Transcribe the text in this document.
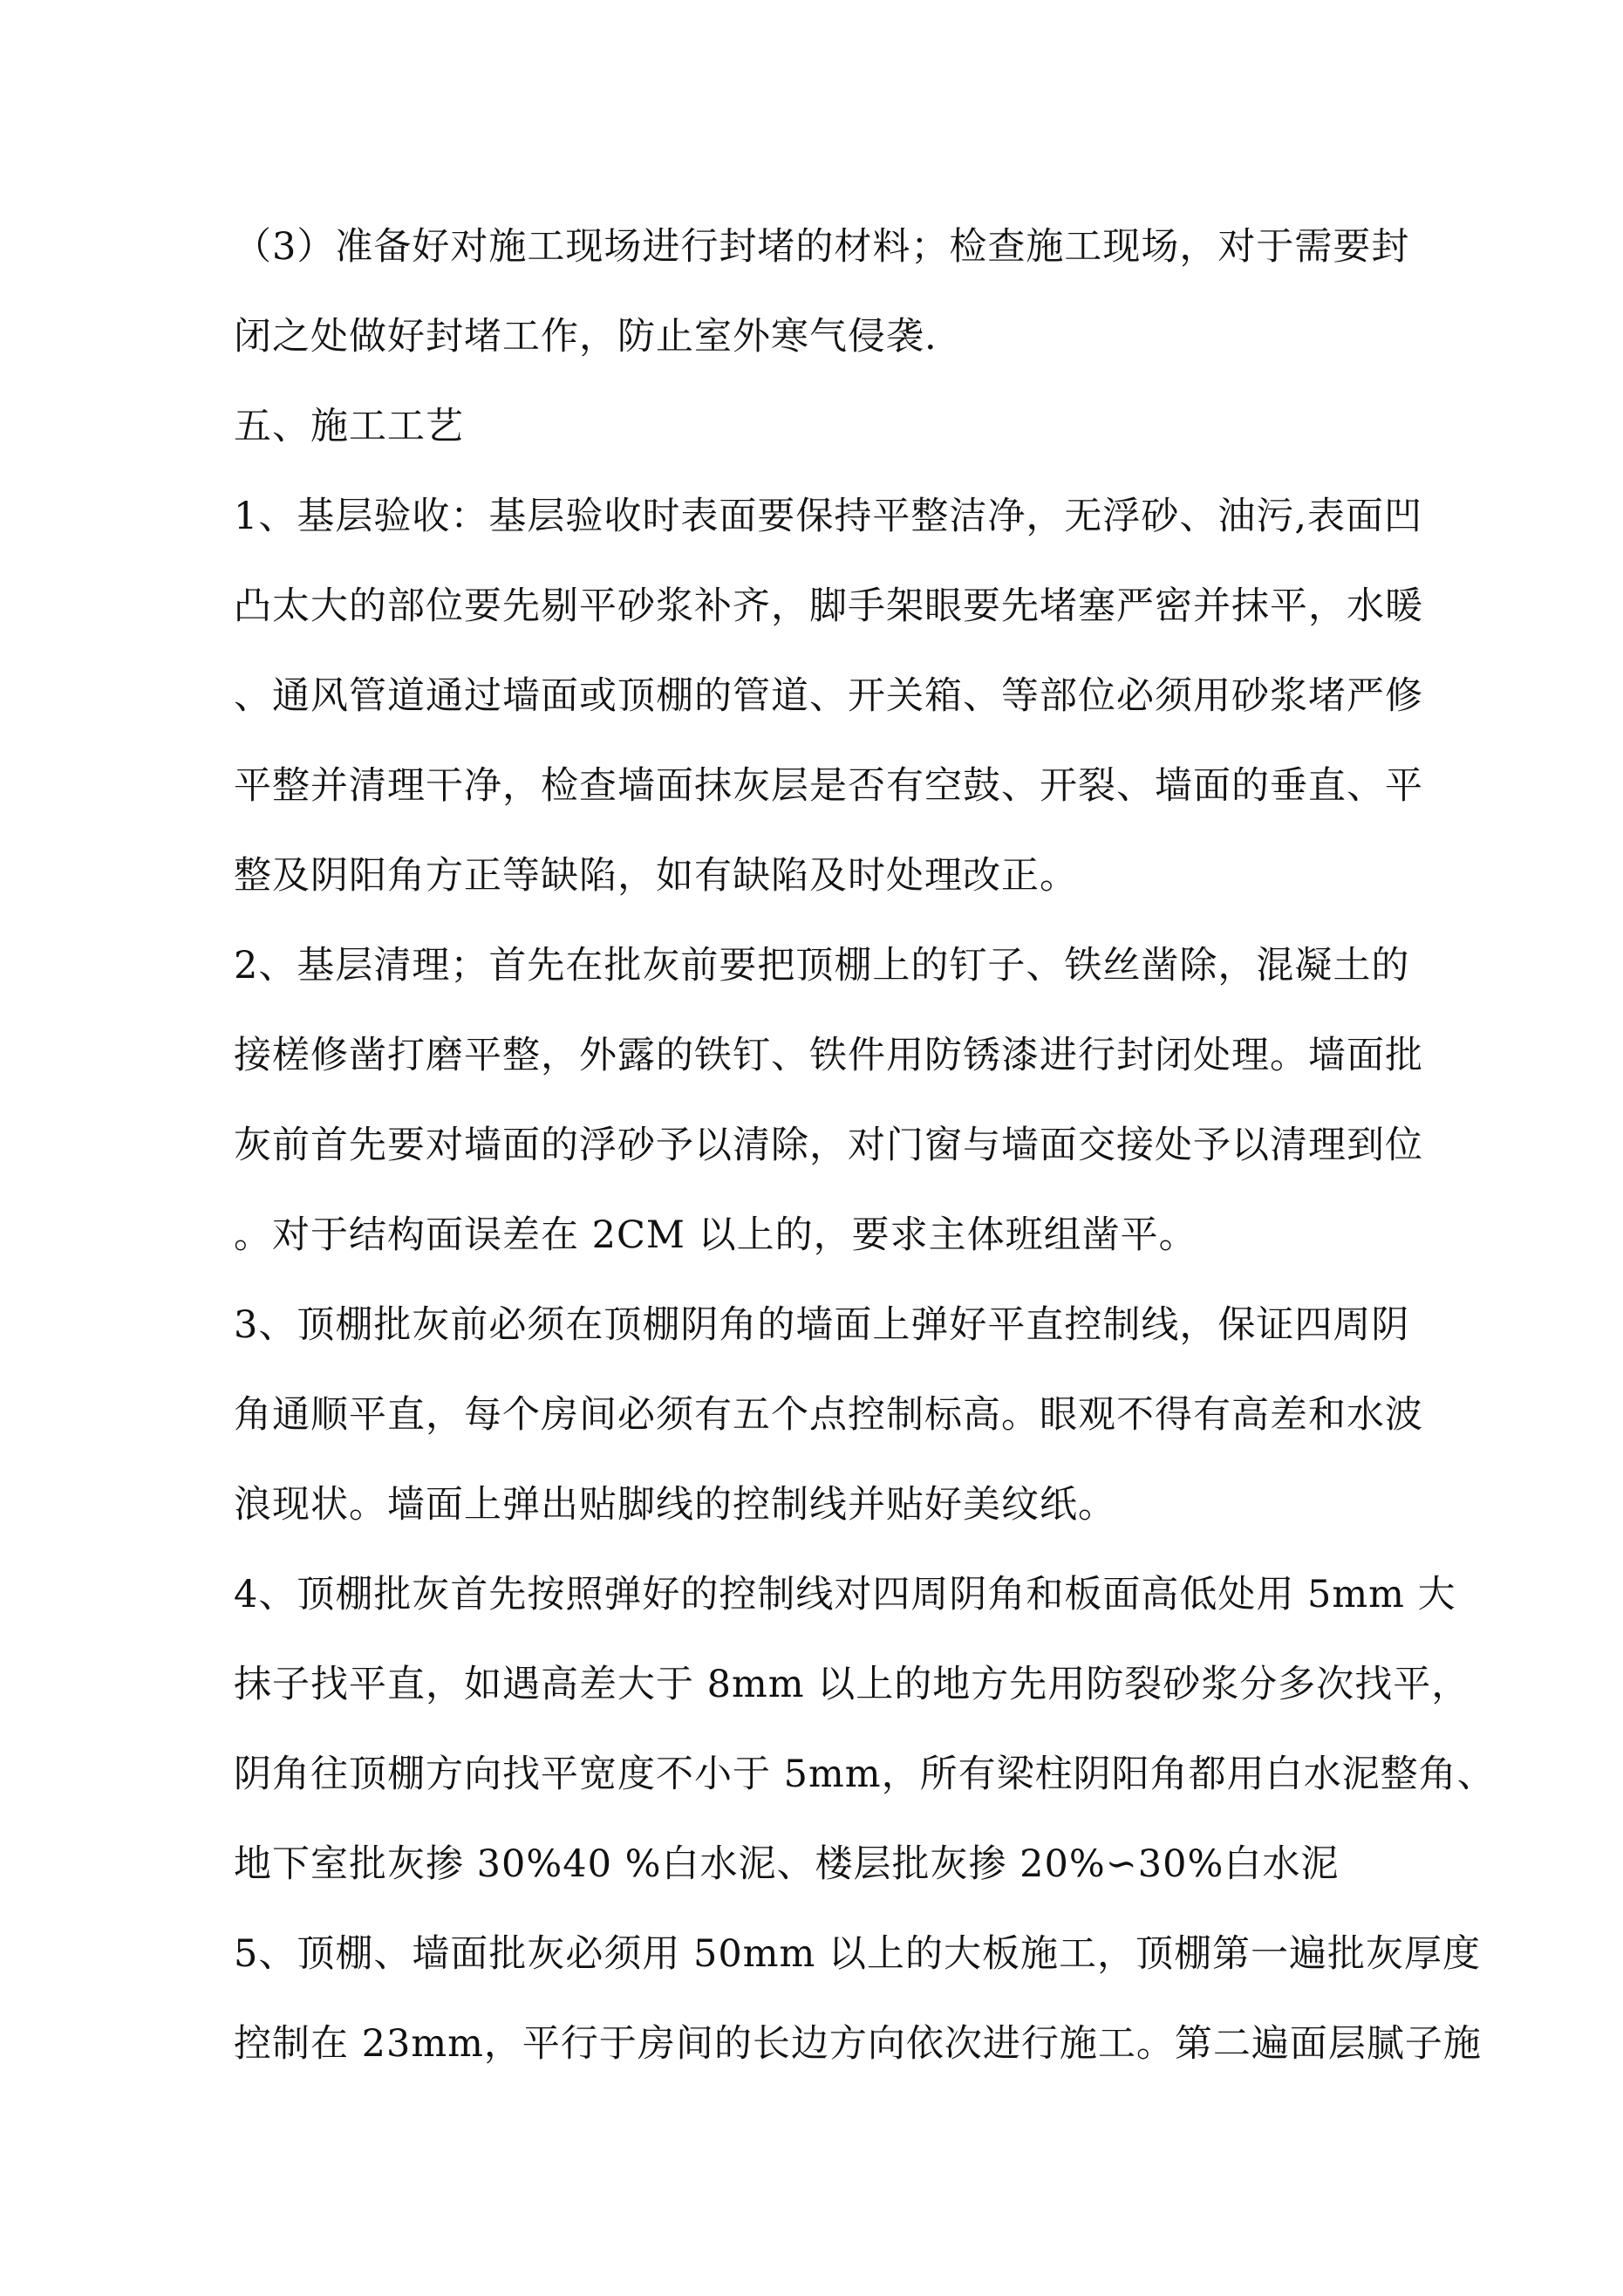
（3）准备好对施工现场进行封堵的材料；检查施工现场，对于需要封
闭之处做好封堵工作，防止室外寒气侵袭.
五、施工工艺
1、基层验收：基层验收时表面要保持平整洁净，无浮砂、油污,表面凹
凸太大的部位要先剔平砂浆补齐，脚手架眼要先堵塞严密并抹平，水暖
、通风管道通过墙面或顶棚的管道、开关箱、等部位必须用砂浆堵严修
平整并清理干净，检查墙面抹灰层是否有空鼓、开裂、墙面的垂直、平
整及阴阳角方正等缺陷，如有缺陷及时处理改正。
2、基层清理；首先在批灰前要把顶棚上的钉子、铁丝凿除，混凝土的
接槎修凿打磨平整，外露的铁钉、铁件用防锈漆进行封闭处理。墙面批
灰前首先要对墙面的浮砂予以清除，对门窗与墙面交接处予以清理到位
。对于结构面误差在 2CM 以上的，要求主体班组凿平。
3、顶棚批灰前必须在顶棚阴角的墙面上弹好平直控制线，保证四周阴
角通顺平直，每个房间必须有五个点控制标高。眼观不得有高差和水波
浪现状。墙面上弹出贴脚线的控制线并贴好美纹纸。
4、顶棚批灰首先按照弹好的控制线对四周阴角和板面高低处用 5mm 大
抹子找平直，如遇高差大于 8mm 以上的地方先用防裂砂浆分多次找平，
阴角往顶棚方向找平宽度不小于 5mm，所有梁柱阴阳角都用白水泥整角、
地下室批灰掺 30%40 %白水泥、楼层批灰掺 20%∽30%白水泥
5、顶棚、墙面批灰必须用 50mm 以上的大板施工，顶棚第一遍批灰厚度
控制在 23mm，平行于房间的长边方向依次进行施工。第二遍面层腻子施
